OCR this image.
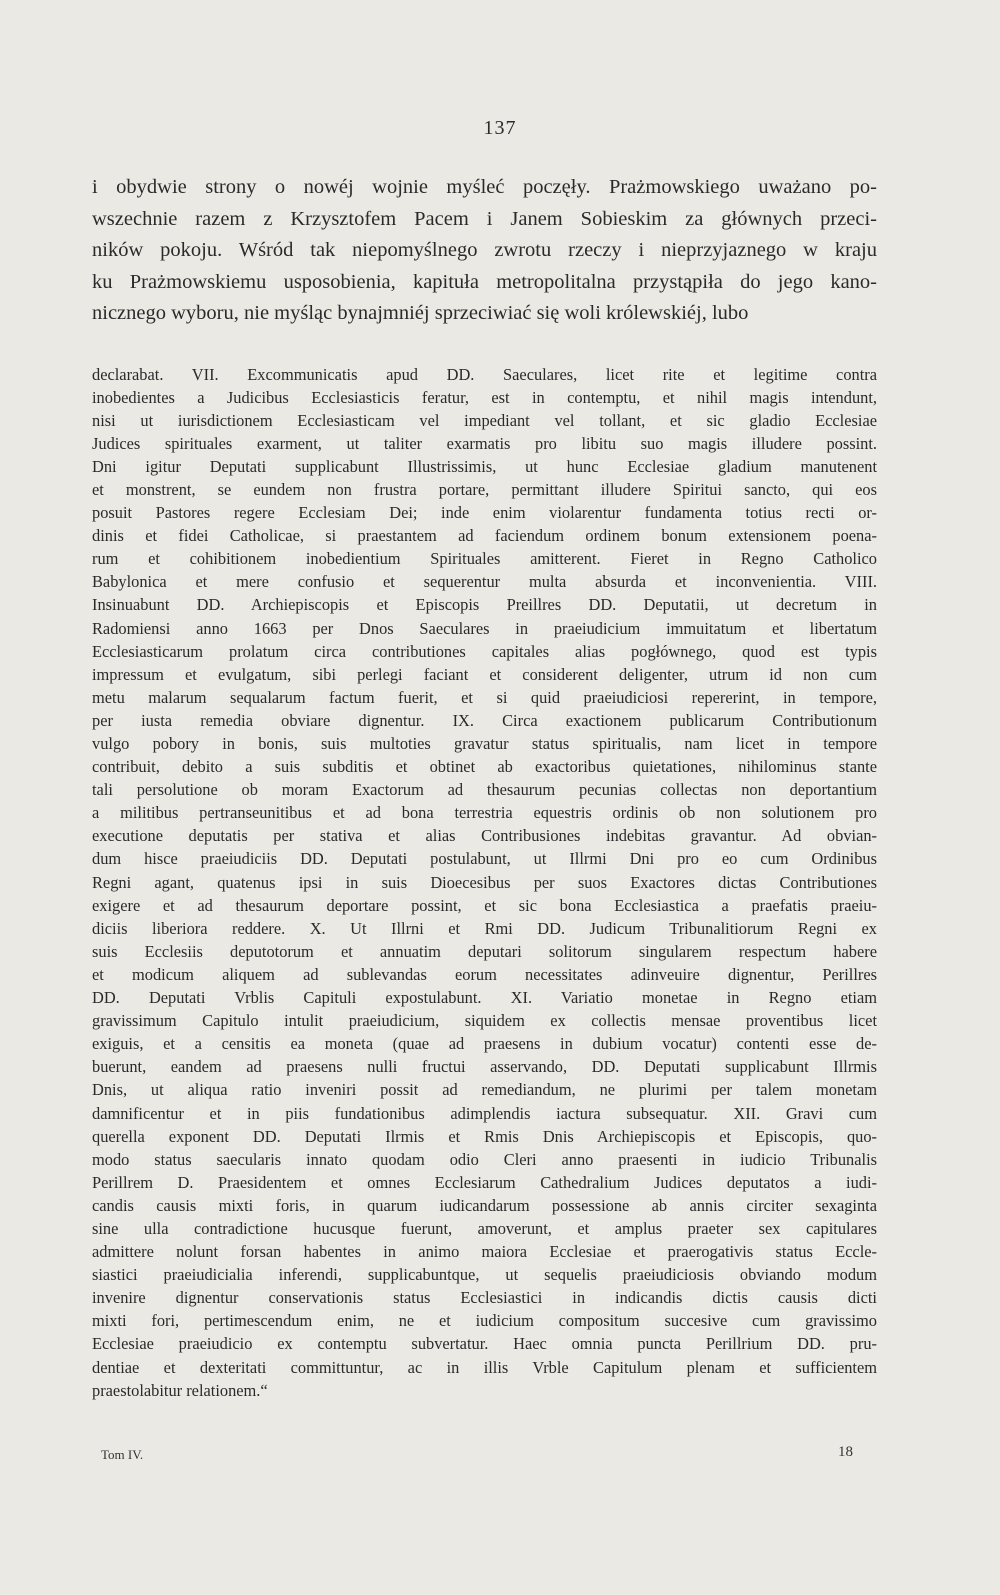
137
i obydwie strony o nowéj wojnie myśleć poczęły. Prażmowskiego uważano po-
wszechnie razem z Krzysztofem Pacem i Janem Sobieskim za głównych przeci-
ników pokoju. Wśród tak niepomyślnego zwrotu rzeczy i nieprzyjaznego w kraju
ku Prażmowskiemu usposobienia, kapituła metropolitalna przystąpiła do jego kano-
nicznego wyboru, nie myśląc bynajmniéj sprzeciwiać się woli królewskiéj, lubo
declarabat. VII. Excommunicatis apud DD. Saeculares, licet rite et legitime contra
inobedientes a Judicibus Ecclesiasticis feratur, est in contemptu, et nihil magis intendunt,
nisi ut iurisdictionem Ecclesiasticam vel impediant vel tollant, et sic gladio Ecclesiae
Judices spirituales exarment, ut taliter exarmatis pro libitu suo magis illudere possint.
Dni igitur Deputati supplicabunt Illustrissimis, ut hunc Ecclesiae gladium manutenent
et monstrent, se eundem non frustra portare, permittant illudere Spiritui sancto, qui eos
posuit Pastores regere Ecclesiam Dei; inde enim violarentur fundamenta totius recti or-
dinis et fidei Catholicae, si praestantem ad faciendum ordinem bonum extensionem poena-
rum et cohibitionem inobedientium Spirituales amitterent. Fieret in Regno Catholico
Babylonica et mere confusio et sequerentur multa absurda et inconvenientia. VIII.
Insinuabunt DD. Archiepiscopis et Episcopis Preillres DD. Deputatii, ut decretum in
Radomiensi anno 1663 per Dnos Saeculares in praeiudicium immuitatum et libertatum
Ecclesiasticarum prolatum circa contributiones capitales alias pogłównego, quod est typis
impressum et evulgatum, sibi perlegi faciant et considerent deligenter, utrum id non cum
metu malarum sequalarum factum fuerit, et si quid praeiudiciosi repererint, in tempore,
per iusta remedia obviare dignentur. IX. Circa exactionem publicarum Contributionum
vulgo pobory in bonis, suis multoties gravatur status spiritualis, nam licet in tempore
contribuit, debito a suis subditis et obtinet ab exactoribus quietationes, nihilominus stante
tali persolutione ob moram Exactorum ad thesaurum pecunias collectas non deportantium
a militibus pertranseunitibus et ad bona terrestria equestris ordinis ob non solutionem pro
executione deputatis per stativa et alias Contribusiones indebitas gravantur. Ad obvian-
dum hisce praeiudiciis DD. Deputati postulabunt, ut Illrmi Dni pro eo cum Ordinibus
Regni agant, quatenus ipsi in suis Dioecesibus per suos Exactores dictas Contributiones
exigere et ad thesaurum deportare possint, et sic bona Ecclesiastica a praefatis praeiu-
diciis liberiora reddere. X. Ut Illrni et Rmi DD. Judicum Tribunalitiorum Regni ex
suis Ecclesiis deputotorum et annuatim deputari solitorum singularem respectum habere
et modicum aliquem ad sublevandas eorum necessitates adinveuire dignentur, Perillres
DD. Deputati Vrblis Capituli expostulabunt. XI. Variatio monetae in Regno etiam
gravissimum Capitulo intulit praeiudicium, siquidem ex collectis mensae proventibus licet
exiguis, et a censitis ea moneta (quae ad praesens in dubium vocatur) contenti esse de-
buerunt, eandem ad praesens nulli fructui asservando, DD. Deputati supplicabunt Illrmis
Dnis, ut aliqua ratio inveniri possit ad remediandum, ne plurimi per talem monetam
damnificentur et in piis fundationibus adimplendis iactura subsequatur. XII. Gravi cum
querella exponent DD. Deputati Ilrmis et Rmis Dnis Archiepiscopis et Episcopis, quo-
modo status saecularis innato quodam odio Cleri anno praesenti in iudicio Tribunalis
Perillrem D. Praesidentem et omnes Ecclesiarum Cathedralium Judices deputatos a iudi-
candis causis mixti foris, in quarum iudicandarum possessione ab annis circiter sexaginta
sine ulla contradictione hucusque fuerunt, amoverunt, et amplus praeter sex capitulares
admittere nolunt forsan habentes in animo maiora Ecclesiae et praerogativis status Eccle-
siastici praeiudicialia inferendi, supplicabuntque, ut sequelis praeiudiciosis obviando modum
invenire dignentur conservationis status Ecclesiastici in indicandis dictis causis dicti
mixti fori, pertimescendum enim, ne et iudicium compositum succesive cum gravissimo
Ecclesiae praeiudicio ex contemptu subvertatur. Haec omnia puncta Perillrium DD. pru-
dentiae et dexteritati committuntur, ac in illis Vrble Capitulum plenam et sufficientem
praestolabitur relationem.“
Tom IV.	18
